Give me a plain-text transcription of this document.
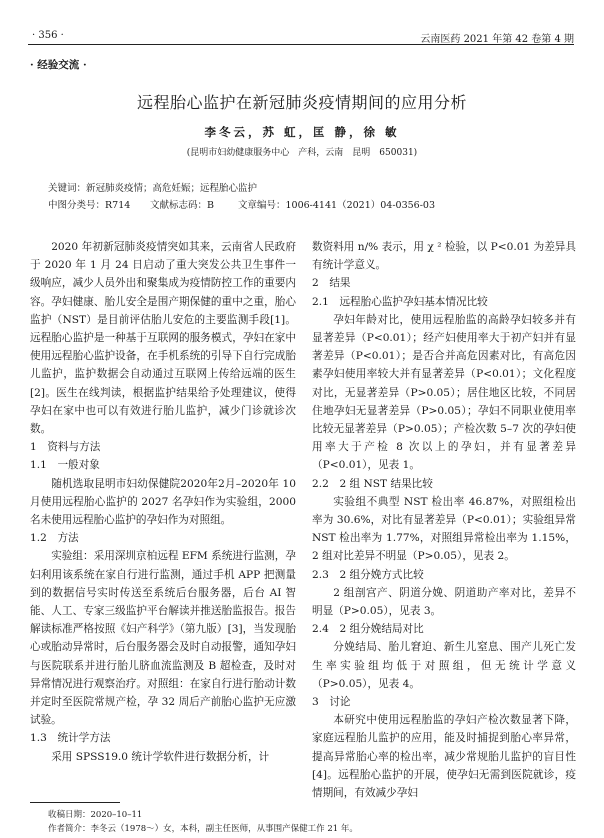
· 356 ·	云南医药 2021 年第 42 卷第 4 期
· 经验交流 ·
远程胎心监护在新冠肺炎疫情期间的应用分析
李冬云，苏 虹，匡 静，徐 敏
(昆明市妇幼健康服务中心　产科，云南　昆明　650031)
关键词：新冠肺炎疫情；高危妊娠；远程胎心监护
中图分类号：R714 文献标志码：B	文章编号：1006-4141（2021）04-0356-03

2020 年初新冠肺炎疫情突如其来，云南省人民政府于 2020 年 1 月 24 日启动了重大突发公共卫生事件一级响应，减少人员外出和聚集成为疫情防控工作的重要内容。孕妇健康、胎儿安全是围产期保健的重中之重，胎心监护（NST）是目前评估胎儿安危的主要监测手段[1]。远程胎心监护是一种基于互联网的服务模式，孕妇在家中使用远程胎心监护设备，在手机系统的引导下自行完成胎儿监护，监护数据会自动通过互联网上传给远端的医生[2]。医生在线判读，根据监护结果给予处理建议，使得孕妇在家中也可以有效进行胎儿监护，减少门诊就诊次数。

1　资料与方法

1.1　一般对象

随机选取昆明市妇幼保健院2020年2月–2020年 10 月使用远程胎心监护的 2027 名孕妇作为实验组，2000 名未使用远程胎心监护的孕妇作为对照组。

1.2　方法

实验组：采用深圳京柏远程 EFM 系统进行监测，孕妇利用该系统在家自行进行监测，通过手机 APP 把测量到的数据信号实时传送至系统后台服务器，后台 AI 智能、人工、专家三级监护平台解读并推送胎监报告。报告解读标准严格按照《妇产科学》（第九版）[3]，当发现胎心或胎动异常时，后台服务器会及时自动报警，通知孕妇与医院联系并进行胎儿脐血流监测及 B 超检查，及时对异常情况进行观察治疗。对照组：在家自行进行胎动计数并定时至医院常规产检，孕 32 周后产前胎心监护无应激试验。

1.3　统计学方法

采用 SPSS19.0 统计学软件进行数据分析，计

数资料用 n/% 表示，用 χ ² 检验，以 P<0.01 为差异具有统计学意义。

2　结果

2.1　远程胎心监护孕妇基本情况比较

孕妇年龄对比，使用远程胎监的高龄孕妇较多并有显著差异（P<0.01）；经产妇使用率大于初产妇并有显著差异（P<0.01）；是否合并高危因素对比，有高危因素孕妇使用率较大并有显著差异（P<0.01）；文化程度对比，无显著差异（P>0.05）；居住地区比较，不同居住地孕妇无显著差异（P>0.05）；孕妇不同职业使用率比较无显著差异（P>0.05）；产检次数 5–7 次的孕妇使用率大于产检 8 次以上的孕妇，并有显著差异（P<0.01），见表 1。

2.2　2 组 NST 结果比较

实验组不典型 NST 检出率 46.87%，对照组检出率为 30.6%，对比有显著差异（P<0.01）；实验组异常 NST 检出率为 1.77%，对照组异常检出率为 1.15%，2 组对比差异不明显（P>0.05），见表 2。

2.3　2 组分娩方式比较

2 组剖宫产、阴道分娩、阴道助产率对比，差异不明显（P>0.05），见表 3。

2.4　2 组分娩结局对比

分娩结局、胎儿窘迫、新生儿窒息、围产儿死亡发生率实验组均低于对照组，但无统计学意义（P>0.05），见表 4。

3　讨论

本研究中使用远程胎监的孕妇产检次数显著下降，家庭远程胎儿监护的应用，能及时捕捉到胎心率异常，提高异常胎心率的检出率，减少常规胎儿监护的盲目性[4]。远程胎心监护的开展，使孕妇无需到医院就诊，疫情期间，有效减少孕妇

收稿日期：2020–10–11
作者简介：李冬云（1978～）女，本科，副主任医师，从事围产保健工作 21 年。
